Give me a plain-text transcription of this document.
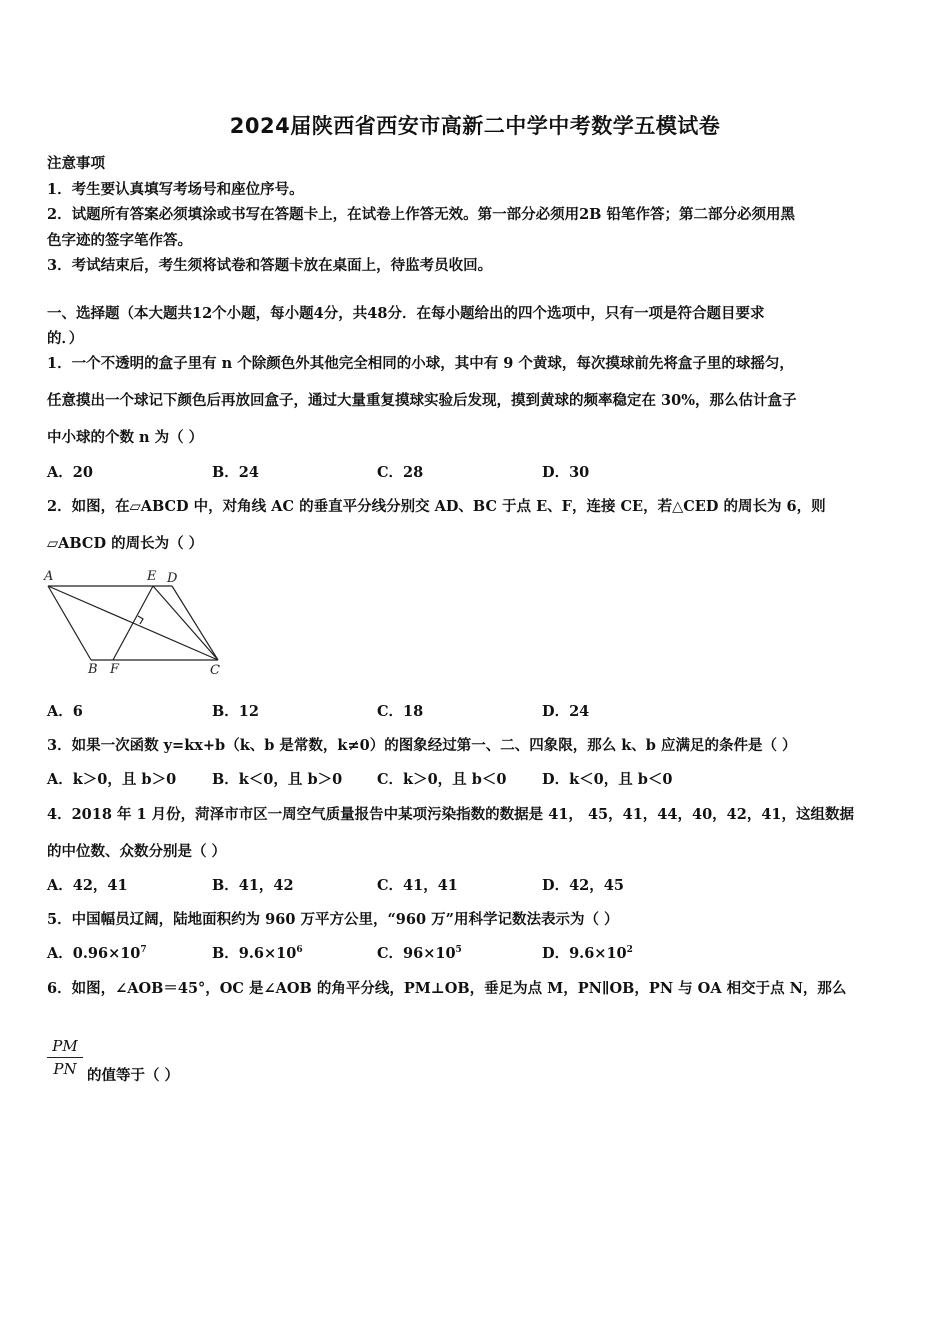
2024届陕西省西安市高新二中学中考数学五模试卷
注意事项
1．考生要认真填写考场号和座位序号。
2．试题所有答案必须填涂或书写在答题卡上，在试卷上作答无效。第一部分必须用2B 铅笔作答；第二部分必须用黑
色字迹的签字笔作答。
3．考试结束后，考生须将试卷和答题卡放在桌面上，待监考员收回。
一、选择题（本大题共12个小题，每小题4分，共48分．在每小题给出的四个选项中，只有一项是符合题目要求
的．）
1．一个不透明的盒子里有 n 个除颜色外其他完全相同的小球，其中有 9 个黄球，每次摸球前先将盒子里的球摇匀，
任意摸出一个球记下颜色后再放回盒子，通过大量重复摸球实验后发现，摸到黄球的频率稳定在 30%，那么估计盒子
中小球的个数 n 为（ ）
A．20	B．24	C．28	D．30
2．如图，在▱ABCD 中，对角线 AC 的垂直平分线分别交 AD、BC 于点 E、F，连接 CE，若△CED 的周长为 6，则
▱ABCD 的周长为（ ）
A	E D
B F	C
A．6	B．12	C．18	D．24
3．如果一次函数 y=kx+b（k、b 是常数，k≠0）的图象经过第一、二、四象限，那么 k、b 应满足的条件是（ ）
A．k＞0，且 b＞0 B．k＜0，且 b＞0 C．k＞0，且 b＜0 D．k＜0，且 b＜0
4．2018 年 1 月份，菏泽市市区一周空气质量报告中某项污染指数的数据是 41， 45，41，44，40，42，41，这组数据
的中位数、众数分别是（ ）
A．42，41	B．41，42	C．41，41	D．42，45
5．中国幅员辽阔，陆地面积约为 960 万平方公里，“960 万”用科学记数法表示为（ ）
A．$0.96\times 10^7$	B．$9.6\times 10^6$	C．$96\times 10^5$	D．$9.6\times 10^2$
6．如图，∠AOB＝45°，OC 是∠AOB 的角平分线，PM⊥OB，垂足为点 M，PN∥OB，PN 与 OA 相交于点 N，那么
PM
PN 的值等于（ ）
